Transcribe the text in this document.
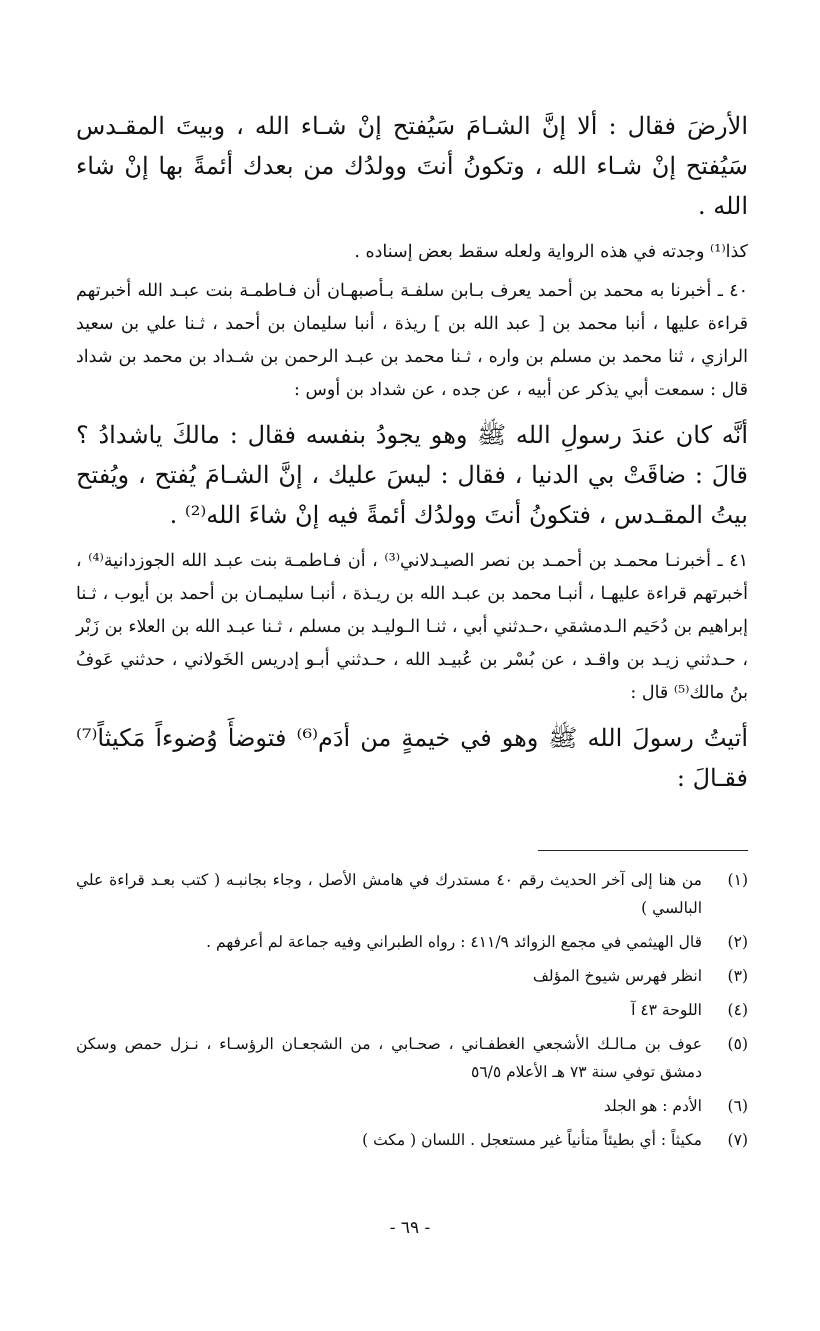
الأرضَ فقال : ألا إنَّ الشـامَ سَيُفتح إنْ شـاء الله ، وبيتَ المقـدس سَيُفتح إنْ شـاء الله ، وتكونُ أنتَ وولدُك من بعدك أئمةً بها إنْ شاء الله .

كذا⁽¹⁾ وجدته في هذه الرواية ولعله سقط بعض إسناده .

٤٠ ـ أخبرنا به محمد بن أحمد يعرف بـابن سلفـة بـأصبهـان أن فـاطمـة بنت عبـد الله أخبرتهم قراءة عليها ، أنبا محمد بن [ عبد الله بن ] ريذة ، أنبا سليمان بن أحمد ، ثـنا علي بن سعيد الرازي ، ثنا محمد بن مسلم بن واره ، ثـنا محمد بن عبـد الرحمن بن شـداد بن محمد بن شداد قال : سمعت أبي يذكر عن أبيه ، عن جده ، عن شداد بن أوس :

أنَّه كان عندَ رسولِ الله ﷺ وهو يجودُ بنفسه فقال : مالكَ ياشدادُ ؟ قالَ : ضاقَتْ بي الدنيا ، فقال : ليسَ عليك ، إنَّ الشـامَ يُفتح ، ويُفتح بيتُ المقـدس ، فتكونُ أنتَ وولدُك أئمةً فيه إنْ شاءَ الله⁽²⁾ .

٤١ ـ أخبرنـا محمـد بن أحمـد بن نصر الصيـدلاني⁽³⁾ ، أن فـاطمـة بنت عبـد الله الجوزدانية⁽⁴⁾ ، أخبرتهم قراءة عليهـا ، أنبـا محمد بن عبـد الله بن ريـذة ، أنبـا سليمـان بن أحمد بن أيوب ، ثـنا إبراهيم بن دُحَيم الـدمشقي ،حـدثني أبي ، ثنـا الـوليـد بن مسلم ، ثـنا عبـد الله بن العلاء بن زَبْر ، حـدثني زيـد بن واقـد ، عن بُسْر بن عُبيـد الله ، حـدثني أبـو إدريس الخَولاني ، حدثني عَوفُ بنُ مالك⁽⁵⁾ قال :

أتيتُ رسولَ الله ﷺ وهو في خيمةٍ من أدَم⁽⁶⁾ فتوضأَ وُضوءاً مَكيثاً⁽⁷⁾ فقـالَ :

(١)
من هنا إلى آخر الحديث رقم ٤٠ مستدرك في هامش الأصل ، وجاء بجانبـه ( كتب بعـد قراءة علي البالسي )
(٢)
قال الهيثمي في مجمع الزوائد ٤١١/٩ : رواه الطبراني وفيه جماعة لم أعرفهم .
(٣)
انظر فهرس شيوخ المؤلف
(٤)
اللوحة ٤٣ آ
(٥)
عوف بن مـالـك الأشجعي الغطفـاني ، صحـابي ، من الشجعـان الرؤسـاء ، نـزل حمص وسكن دمشق توفي سنة ٧٣ هـ الأعلام ٥٦/٥
(٦)
الأدم : هو الجلد
(٧)
مكيثاً : أي بطيئاً متأنياً غير مستعجل . اللسان ( مكث )
- ٦٩ -
